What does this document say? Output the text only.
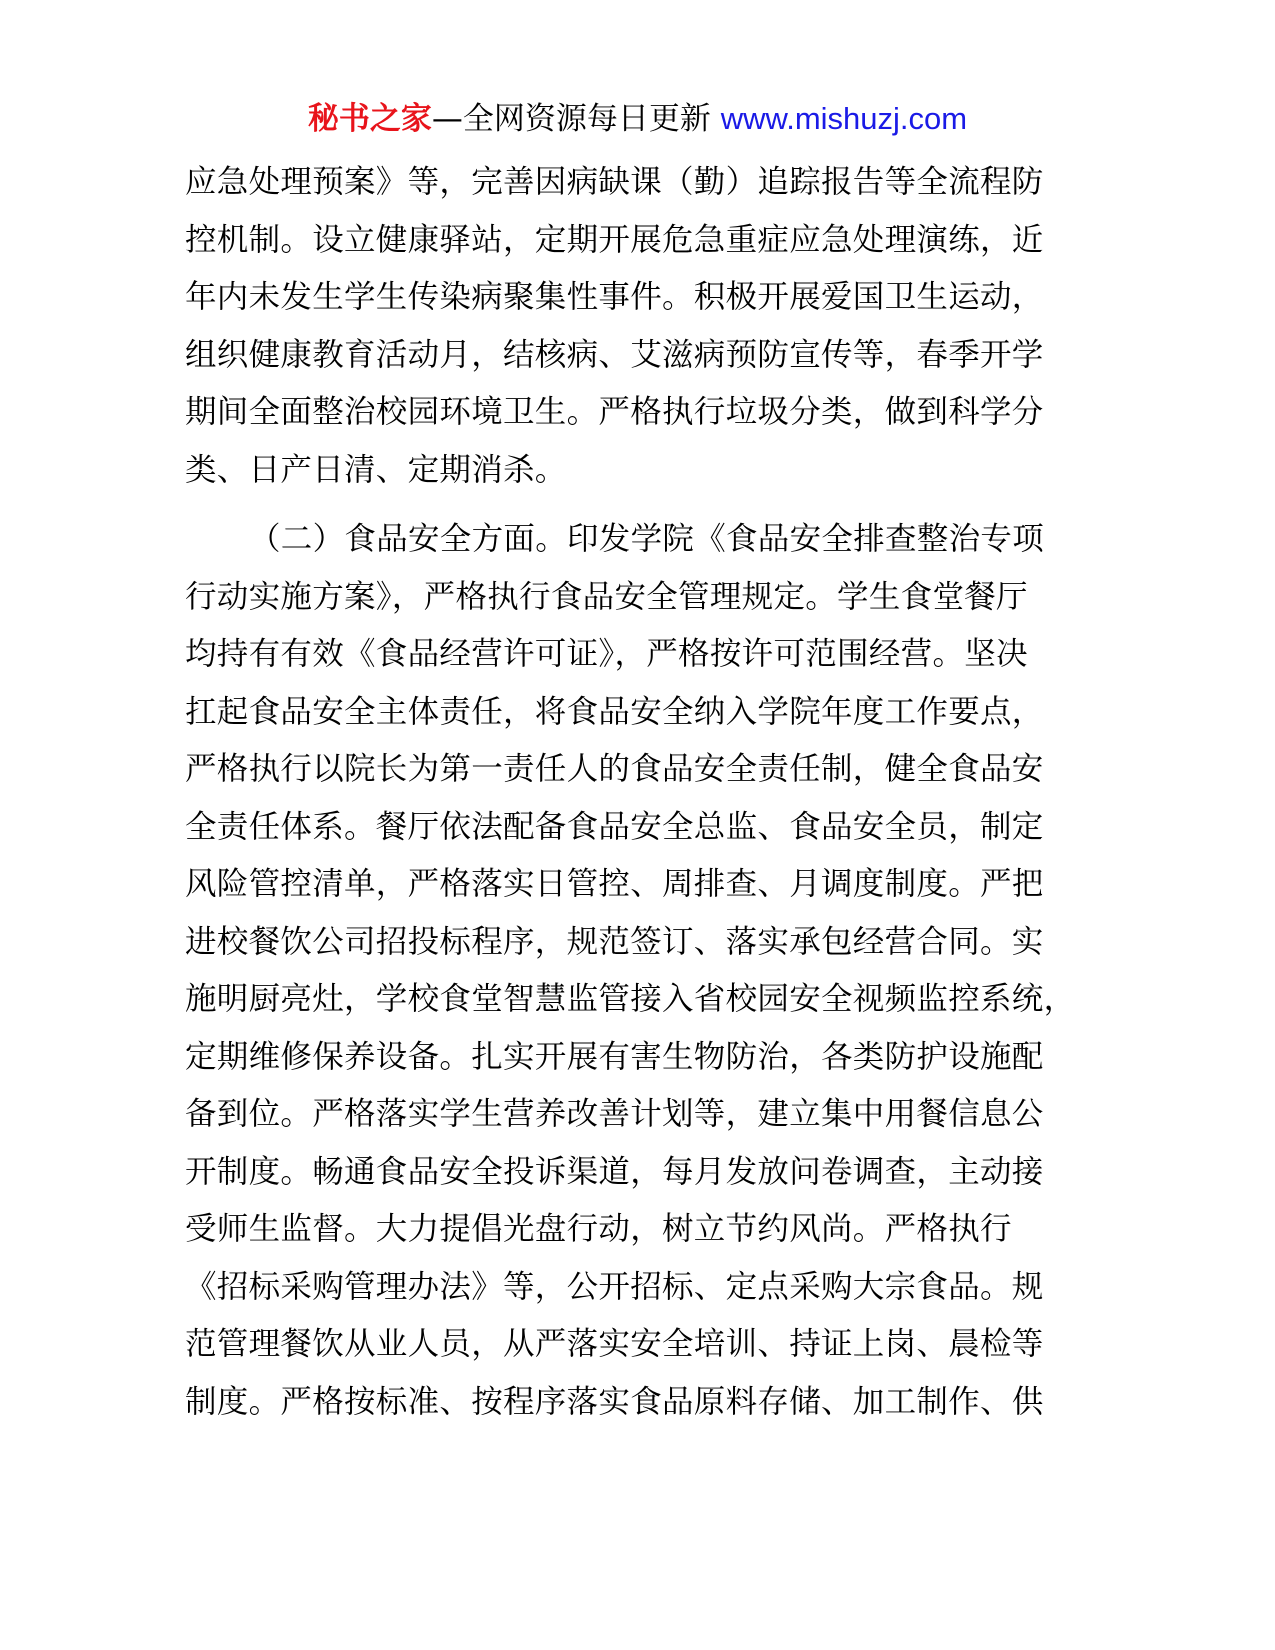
秘书之家—全网资源每日更新 www.mishuzj.com
应急处理预案》等，完善因病缺课（勤）追踪报告等全流程防
控机制。设立健康驿站，定期开展危急重症应急处理演练，近
年内未发生学生传染病聚集性事件。积极开展爱国卫生运动，
组织健康教育活动月，结核病、艾滋病预防宣传等，春季开学
期间全面整治校园环境卫生。严格执行垃圾分类，做到科学分
类、日产日清、定期消杀。
（二）食品安全方面。印发学院《食品安全排查整治专项
行动实施方案》，严格执行食品安全管理规定。学生食堂餐厅
均持有有效《食品经营许可证》，严格按许可范围经营。坚决
扛起食品安全主体责任，将食品安全纳入学院年度工作要点，
严格执行以院长为第一责任人的食品安全责任制，健全食品安
全责任体系。餐厅依法配备食品安全总监、食品安全员，制定
风险管控清单，严格落实日管控、周排查、月调度制度。严把
进校餐饮公司招投标程序，规范签订、落实承包经营合同。实
施明厨亮灶，学校食堂智慧监管接入省校园安全视频监控系统，
定期维修保养设备。扎实开展有害生物防治，各类防护设施配
备到位。严格落实学生营养改善计划等，建立集中用餐信息公
开制度。畅通食品安全投诉渠道，每月发放问卷调查，主动接
受师生监督。大力提倡光盘行动，树立节约风尚。严格执行
《招标采购管理办法》等，公开招标、定点采购大宗食品。规
范管理餐饮从业人员，从严落实安全培训、持证上岗、晨检等
制度。严格按标准、按程序落实食品原料存储、加工制作、供
